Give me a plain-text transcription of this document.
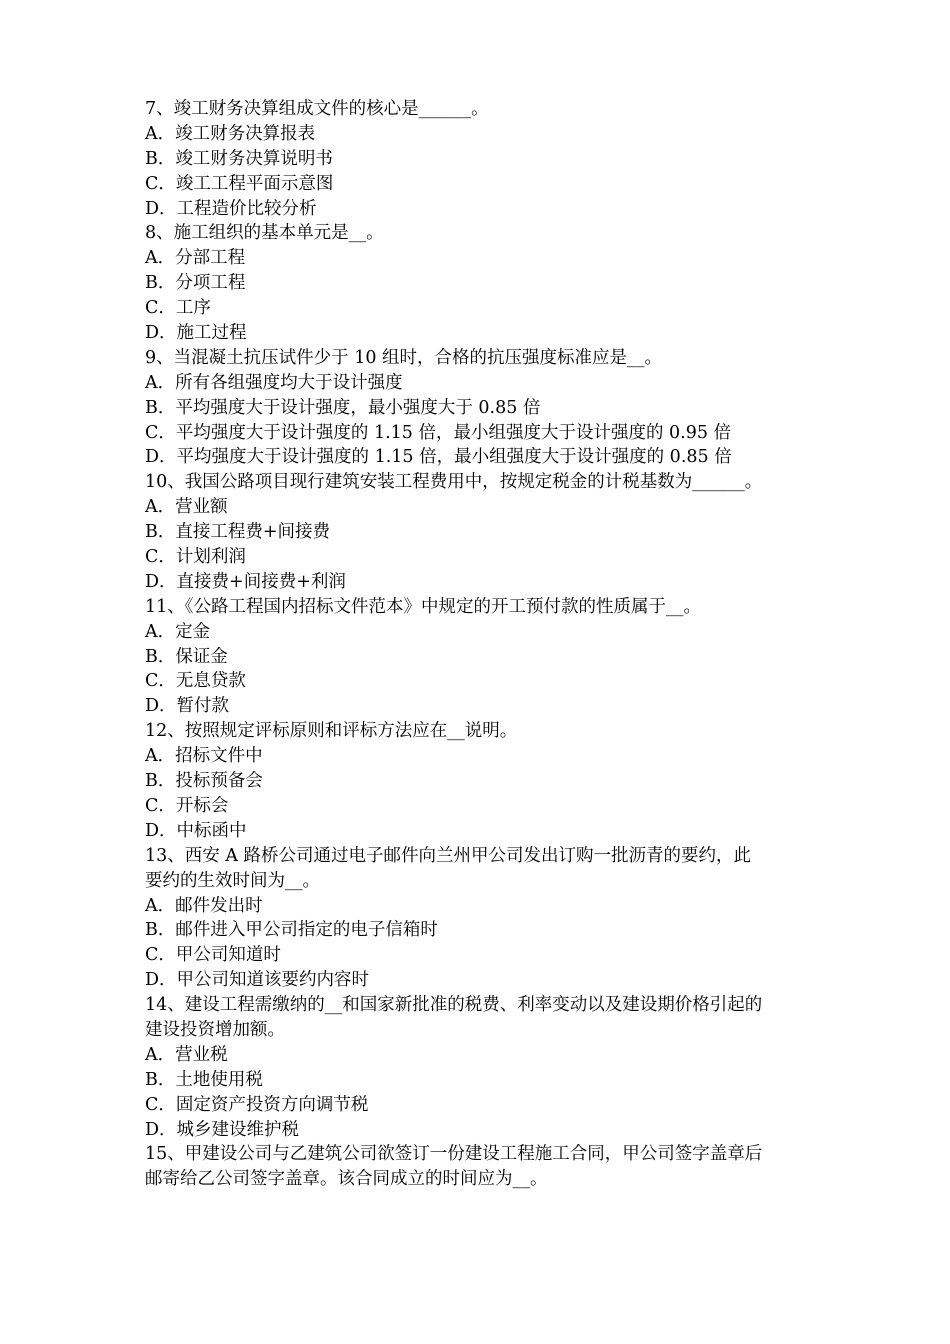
7、竣工财务决算组成文件的核心是______。
A．竣工财务决算报表
B．竣工财务决算说明书
C．竣工工程平面示意图
D．工程造价比较分析
8、施工组织的基本单元是__。
A．分部工程
B．分项工程
C．工序
D．施工过程
9、当混凝土抗压试件少于 10 组时，合格的抗压强度标准应是__。
A．所有各组强度均大于设计强度
B．平均强度大于设计强度，最小强度大于 0.85 倍
C．平均强度大于设计强度的 1.15 倍，最小组强度大于设计强度的 0.95 倍
D．平均强度大于设计强度的 1.15 倍，最小组强度大于设计强度的 0.85 倍
10、我国公路项目现行建筑安装工程费用中，按规定税金的计税基数为______。
A．营业额
B．直接工程费+间接费
C．计划利润
D．直接费+间接费+利润
11、《公路工程国内招标文件范本》中规定的开工预付款的性质属于__。
A．定金
B．保证金
C．无息贷款
D．暂付款
12、按照规定评标原则和评标方法应在__说明。
A．招标文件中
B．投标预备会
C．开标会
D．中标函中
13、西安 A 路桥公司通过电子邮件向兰州甲公司发出订购一批沥青的要约，此
要约的生效时间为__。
A．邮件发出时
B．邮件进入甲公司指定的电子信箱时
C．甲公司知道时
D．甲公司知道该要约内容时
14、建设工程需缴纳的__和国家新批准的税费、利率变动以及建设期价格引起的
建设投资增加额。
A．营业税
B．土地使用税
C．固定资产投资方向调节税
D．城乡建设维护税
15、甲建设公司与乙建筑公司欲签订一份建设工程施工合同，甲公司签字盖章后
邮寄给乙公司签字盖章。该合同成立的时间应为__。
